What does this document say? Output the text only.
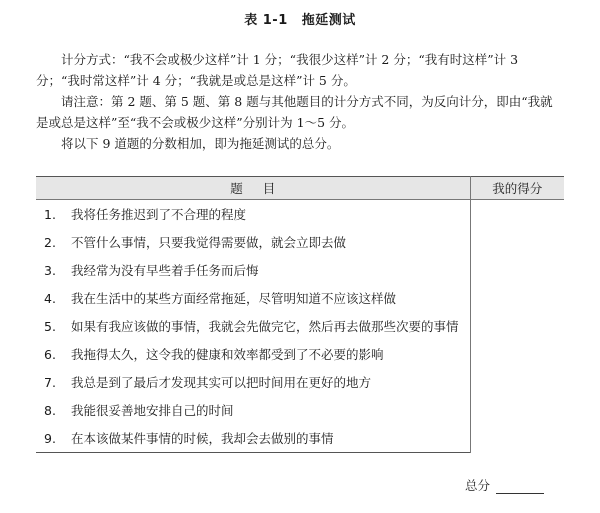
表 1-1 拖延测试

计分方式：“我不会或极少这样”计 1 分；“我很少这样”计 2 分；“我有时这样”计 3 分；“我时常这样”计 4 分；“我就是或总是这样”计 5 分。

请注意：第 2 题、第 5 题、第 8 题与其他题目的计分方式不同，为反向计分，即由“我就是或总是这样”至“我不会或极少这样”分别计为 1～5 分。

将以下 9 道题的分数相加，即为拖延测试的总分。

题目	我的得分

1. 我将任务推迟到了不合理的程度	

2. 不管什么事情，只要我觉得需要做，就会立即去做	

3. 我经常为没有早些着手任务而后悔	

4. 我在生活中的某些方面经常拖延，尽管明知道不应该这样做	

5. 如果有我应该做的事情，我就会先做完它，然后再去做那些次要的事情	

6. 我拖得太久，这令我的健康和效率都受到了不必要的影响	

7. 我总是到了最后才发现其实可以把时间用在更好的地方	

8. 我能很妥善地安排自己的时间	

9. 在本该做某件事情的时候，我却会去做别的事情	
总分
